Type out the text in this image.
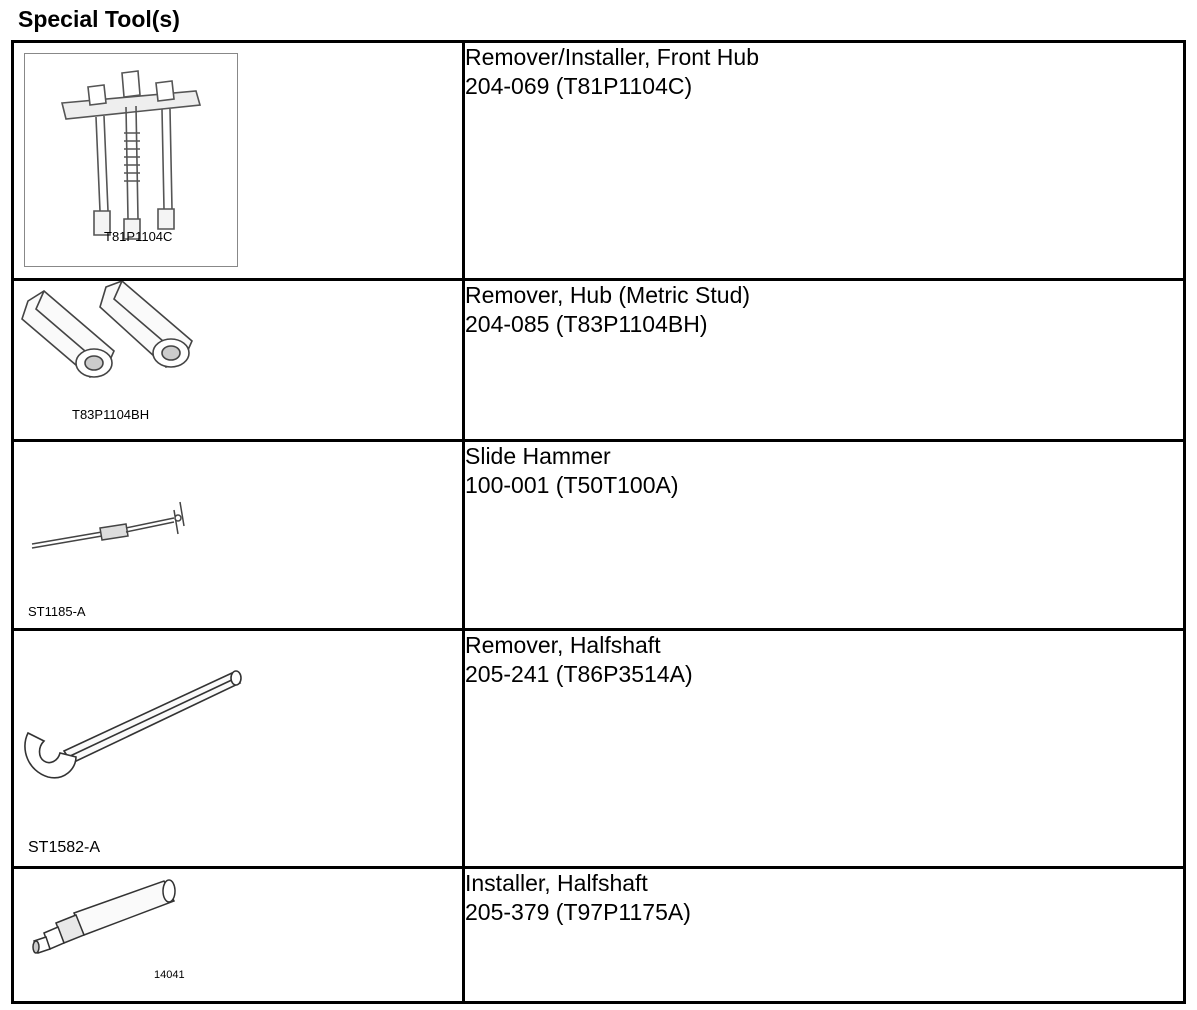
Special Tool(s)
T81P1104C	Remover/Installer, Front Hub
204-069 (T81P1104C)

T83P1104BH	Remover, Hub (Metric Stud)
204-085 (T83P1104BH)

ST1185-A	Slide Hammer
100-001 (T50T100A)

ST1582-A	Remover, Halfshaft
205-241 (T86P3514A)

14041	Installer, Halfshaft
205-379 (T97P1175A)
